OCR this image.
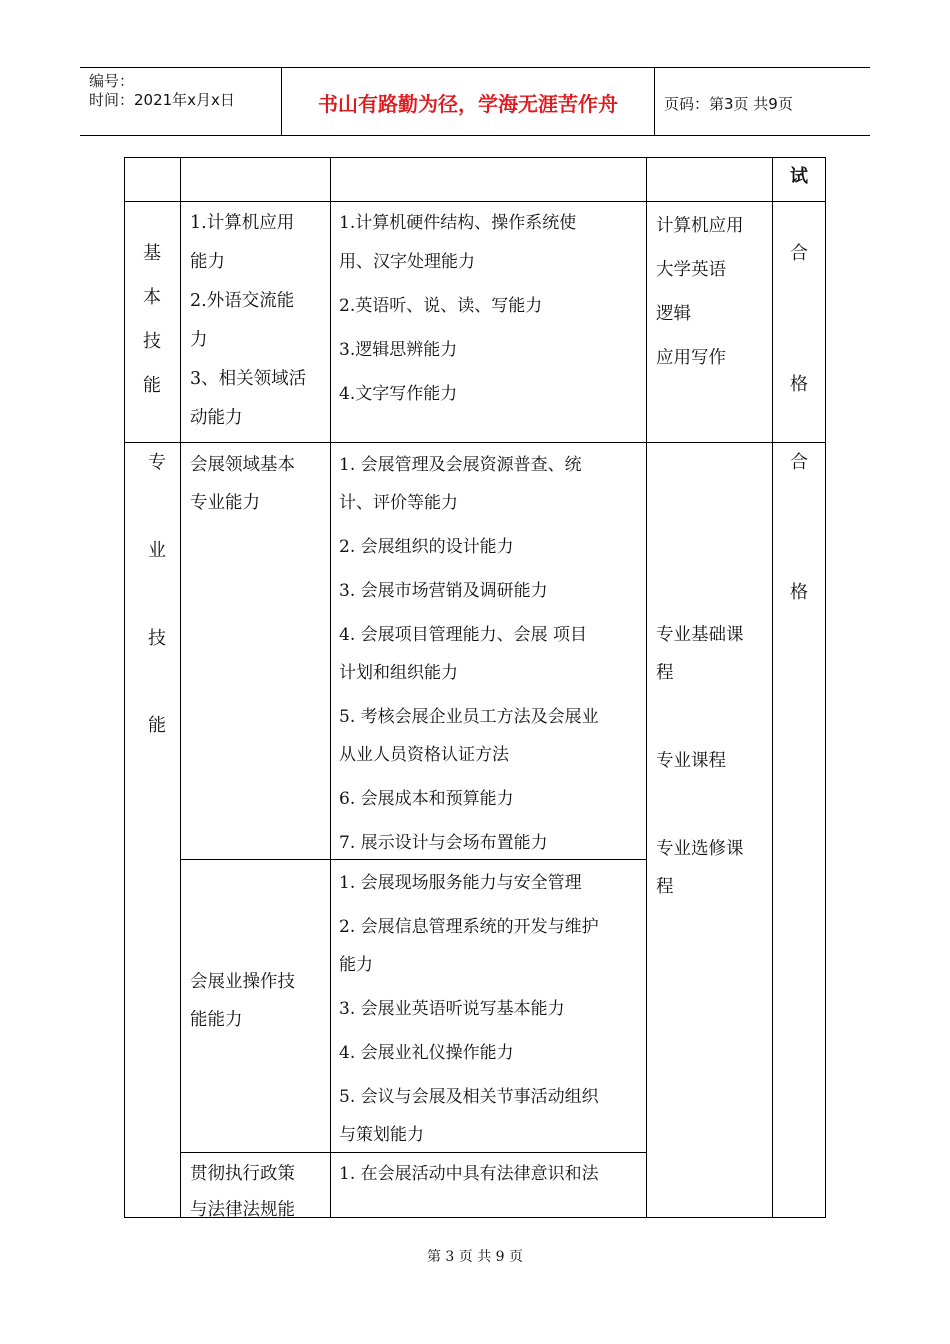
编号：
时间：2021年x月x日	书山有路勤为径，学海无涯苦作舟	页码：第3页 共9页
试
基
本
技
能
1.计算机应用
能力
2.外语交流能
力
3、相关领域活
动能力
1.计算机硬件结构、操作系统使
用、汉字处理能力
2.英语听、说、读、写能力
3.逻辑思辨能力
4.文字写作能力
计算机应用
大学英语
逻辑
应用写作
合
格
专
业
技
能
会展领域基本
专业能力
1. 会展管理及会展资源普查、统
计、评价等能力
2. 会展组织的设计能力
3. 会展市场营销及调研能力
4. 会展项目管理能力、会展 项目
计划和组织能力
5. 考核会展企业员工方法及会展业
从业人员资格认证方法
6. 会展成本和预算能力
7. 展示设计与会场布置能力
专业基础课
程
专业课程
专业选修课
程
合
格
会展业操作技
能能力
1. 会展现场服务能力与安全管理
2. 会展信息管理系统的开发与维护
能力
3. 会展业英语听说写基本能力
4. 会展业礼仪操作能力
5. 会议与会展及相关节事活动组织
与策划能力
贯彻执行政策
与法律法规能
1. 在会展活动中具有法律意识和法
第 3 页 共 9 页
